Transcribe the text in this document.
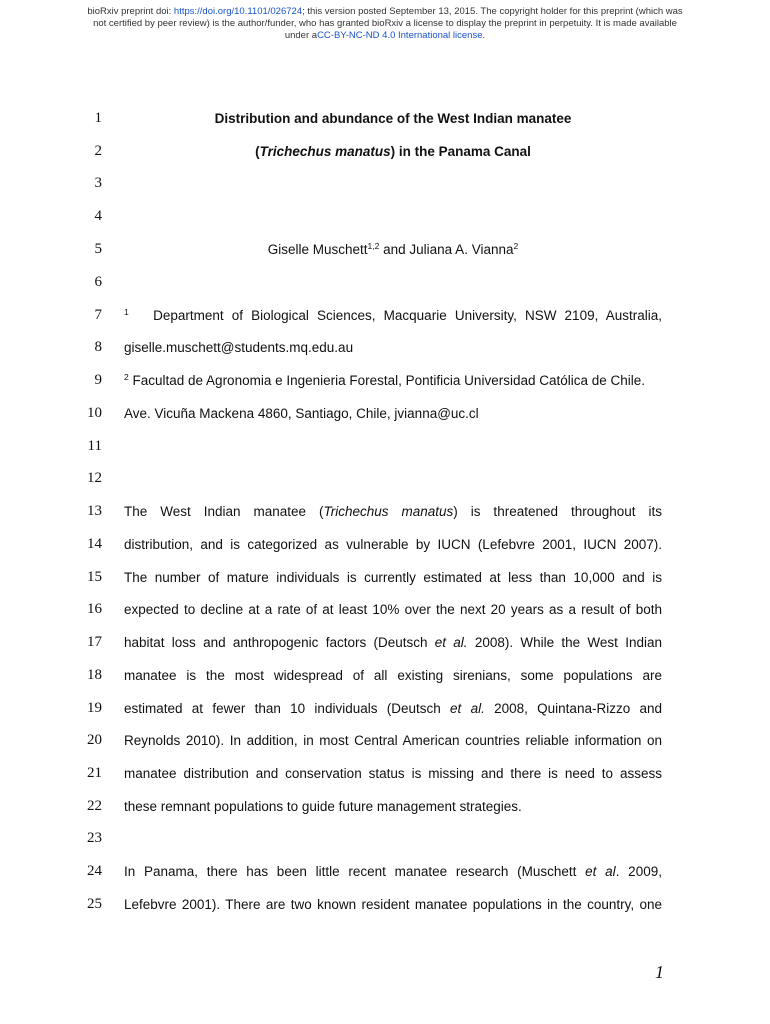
bioRxiv preprint doi: https://doi.org/10.1101/026724; this version posted September 13, 2015. The copyright holder for this preprint (which was
not certified by peer review) is the author/funder, who has granted bioRxiv a license to display the preprint in perpetuity. It is made available
under aCC-BY-NC-ND 4.0 International license.
1
2
3
4
5
6
7
8
9
10
11
12
13
14
15
16
17
18
19
20
21
22
23
24
25
Distribution and abundance of the West Indian manatee
(Trichechus manatus) in the Panama Canal
Giselle Muschett$^{1,2}$ and Juliana A. Vianna$^2$
$^1$ Department of Biological Sciences, Macquarie University, NSW 2109, Australia,
giselle.muschett@students.mq.edu.au
$^2$ Facultad de Agronomia e Ingenieria Forestal, Pontificia Universidad Católica de Chile.
Ave. Vicuña Mackena 4860, Santiago, Chile, jvianna@uc.cl
The West Indian manatee (Trichechus manatus) is threatened throughout its
distribution, and is categorized as vulnerable by IUCN (Lefebvre 2001, IUCN 2007).
The number of mature individuals is currently estimated at less than 10,000 and is
expected to decline at a rate of at least 10% over the next 20 years as a result of both
habitat loss and anthropogenic factors (Deutsch et al. 2008). While the West Indian
manatee is the most widespread of all existing sirenians, some populations are
estimated at fewer than 10 individuals (Deutsch et al. 2008, Quintana-Rizzo and
Reynolds 2010). In addition, in most Central American countries reliable information on
manatee distribution and conservation status is missing and there is need to assess
these remnant populations to guide future management strategies.
In Panama, there has been little recent manatee research (Muschett et al. 2009,
Lefebvre 2001). There are two known resident manatee populations in the country, one
1
